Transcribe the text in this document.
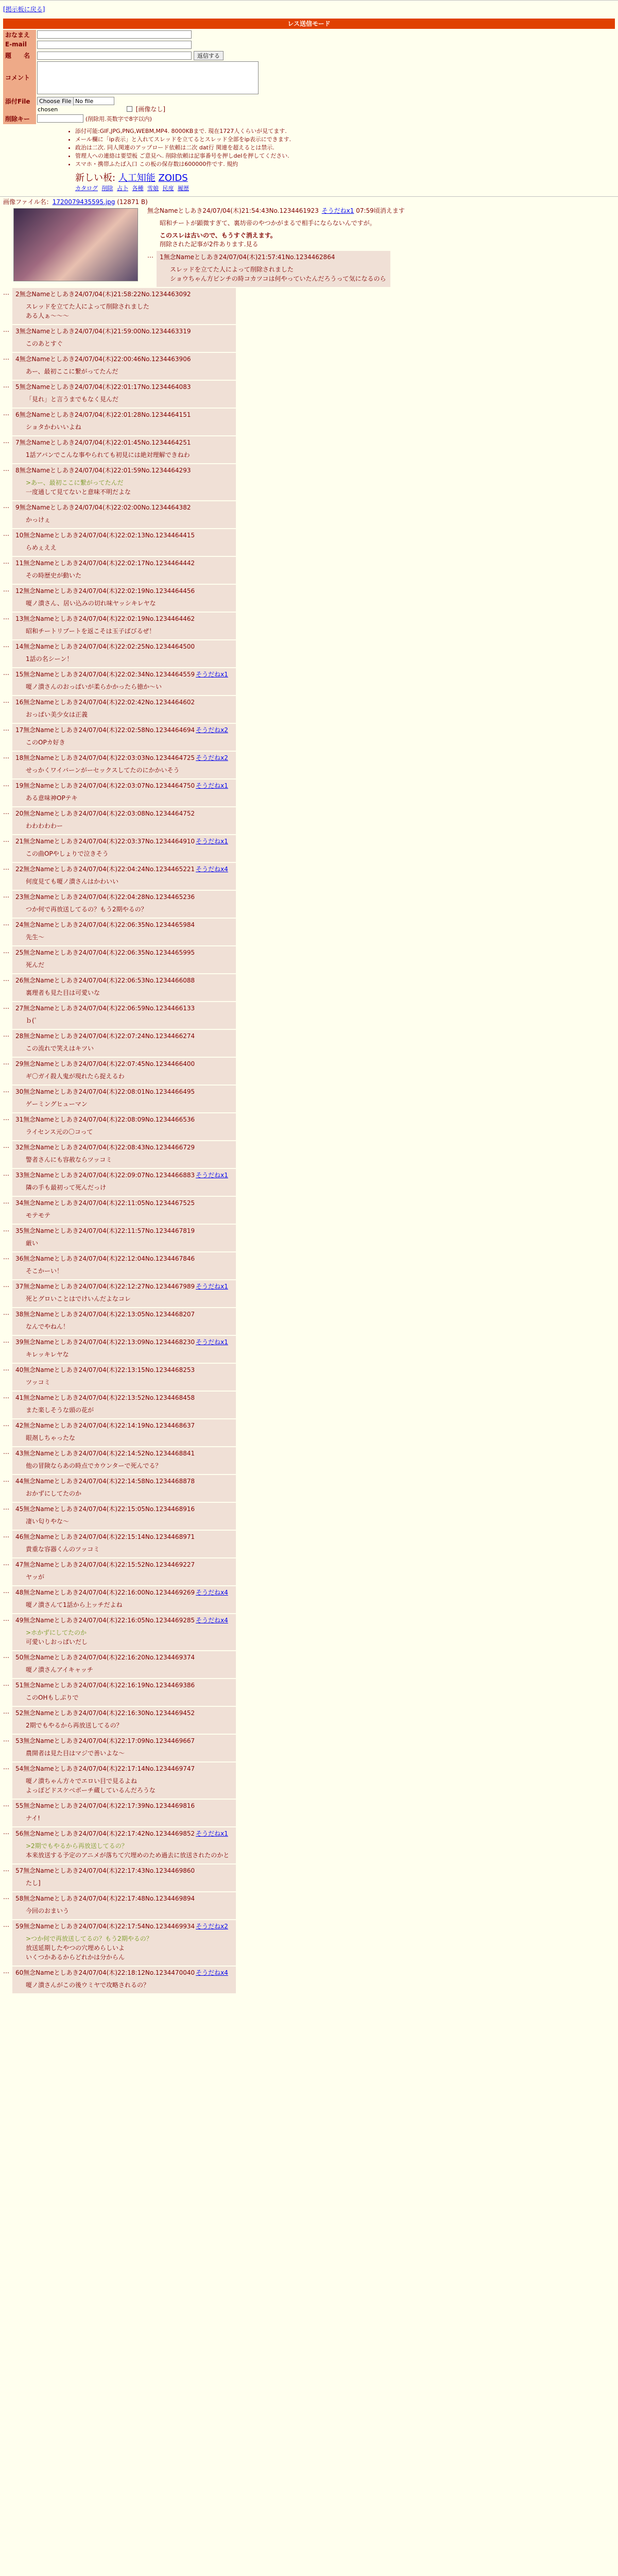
[掲示板に戻る]
レス送信モード
おなまえ	
E-mail	
題　　名	返信する
コメント	
添付File	Choose File No file chosen [画像なし]
削除キー	(削除用.英数字で8字以内)
• 添付可能:GIF,JPG,PNG,WEBM,MP4. 8000KBまで. 現在1727人くらいが見てます.
• メール欄に「ip表示」と入れてスレッドを立てるとスレッド全部をip表示にできます.
• 政治は二次. 同人関連のアップロード依頼は二次 dat行 関連を超えるとは禁示.
• 管理人への連絡は要望板 ご意見へ. 削除依頼は記事番号を押しdelを押してください.
• スマホ・携帯ふたば入口 この板の保存数は600000件です. 規約
新しい板: 人工知能 ZOIDS
カタログ 削除 占卜 各種 雪娘 民度 履歴
画像ファイル名：1720079435595.jpg (12871 B)
無念Nameとしあき24/07/04(木)21:54:43No.1234461923 そうだねx1 07:59頃消えます
昭和チートが顕微すぎて、裏坊帝のやつかがまるで相手にならないんですが。
このスレは古いので、もうすぐ消えます。
削除された記事が2件あります.見る
…	1無念Nameとしあき24/07/04(木)21:57:41No.1234462864
スレッドを立てた人によって削除されました
ショウちゃん方ピンチの時コカツコは何やっていたんだろうって気になるのら
…	2無念Nameとしあき24/07/04(木)21:58:22No.1234463092
スレッドを立てた人によって削除されました
ある人ぁ～～～
…	3無念Nameとしあき24/07/04(木)21:59:00No.1234463319
このあとすぐ
…	4無念Nameとしあき24/07/04(木)22:00:46No.1234463906
あー、最初ここに繋がってたんだ
…	5無念Nameとしあき24/07/04(木)22:01:17No.1234464083
「見れ」と言うまでもなく見んだ
…	6無念Nameとしあき24/07/04(木)22:01:28No.1234464151
ショタかわいいよね
…	7無念Nameとしあき24/07/04(木)22:01:45No.1234464251
1話アバンでこんな事やられても初見には絶対理解できねわ
…	8無念Nameとしあき24/07/04(木)22:01:59No.1234464293
>あー、最初ここに繋がってたんだ
一度通して見てないと意味不明だよな
…	9無念Nameとしあき24/07/04(木)22:02:00No.1234464382
かっけぇ
…	10無念Nameとしあき24/07/04(木)22:02:13No.1234464415
らめぇええ
…	11無念Nameとしあき24/07/04(木)22:02:17No.1234464442
その時歴史が動いた
…	12無念Nameとしあき24/07/04(木)22:02:19No.1234464456
嗄ノ潰さん、居い込みの切れ味ヤッシキレヤな
…	13無念Nameとしあき24/07/04(木)22:02:19No.1234464462
昭和チートリブートを返こそは玉子ばびるぜ！
…	14無念Nameとしあき24/07/04(木)22:02:25No.1234464500
1話の名シーン！
…	15無念Nameとしあき24/07/04(木)22:02:34No.1234464559 そうだねx1
嗄ノ潰さんのおっぱいが柔らかかったら徳か～い
…	16無念Nameとしあき24/07/04(木)22:02:42No.1234464602
おっぱい美少女は正義
…	17無念Nameとしあき24/07/04(木)22:02:58No.1234464694 そうだねx2
このOPカ好き
…	18無念Nameとしあき24/07/04(木)22:03:03No.1234464725 そうだねx2
せっかくワイバーンがーセックスしてたのにかかいそう
…	19無念Nameとしあき24/07/04(木)22:03:07No.1234464750 そうだねx1
ある意味神OPテキ
…	20無念Nameとしあき24/07/04(木)22:03:08No.1234464752
わわわわわー
…	21無念Nameとしあき24/07/04(木)22:03:37No.1234464910 そうだねx1
この曲OPやしょりで泣きそう
…	22無念Nameとしあき24/07/04(木)22:04:24No.1234465221 そうだねx4
何度見ても嗄ノ潰さんはかわいい
…	23無念Nameとしあき24/07/04(木)22:04:28No.1234465236
つか何で再放送してるの？もう2期やるの？
…	24無念Nameとしあき24/07/04(木)22:06:35No.1234465984
先生～
…	25無念Nameとしあき24/07/04(木)22:06:35No.1234465995
死んだ
…	26無念Nameとしあき24/07/04(木)22:06:53No.1234466088
裏理者も見た目は可愛いな
…	27無念Nameとしあき24/07/04(木)22:06:59No.1234466133
ｂ(ﾟ
…	28無念Nameとしあき24/07/04(木)22:07:24No.1234466274
この流れで笑えはキツい
…	29無念Nameとしあき24/07/04(木)22:07:45No.1234466400
ギ〇ガイ殺人鬼が現れたら捉えるわ
…	30無念Nameとしあき24/07/04(木)22:08:01No.1234466495
ゲーミングヒューマン
…	31無念Nameとしあき24/07/04(木)22:08:09No.1234466536
ライセンス元の〇コって
…	32無念Nameとしあき24/07/04(木)22:08:43No.1234466729
警者さんにも容赦ならツッコミ
…	33無念Nameとしあき24/07/04(木)22:09:07No.1234466883 そうだねx1
隣の手も最初って死んだっけ
…	34無念Nameとしあき24/07/04(木)22:11:05No.1234467525
モテモテ
…	35無念Nameとしあき24/07/04(木)22:11:57No.1234467819
厳い
…	36無念Nameとしあき24/07/04(木)22:12:04No.1234467846
そこかーい！
…	37無念Nameとしあき24/07/04(木)22:12:27No.1234467989 そうだねx1
死とグロいことはでけいんだよなコレ
…	38無念Nameとしあき24/07/04(木)22:13:05No.1234468207
なんでやねん！
…	39無念Nameとしあき24/07/04(木)22:13:09No.1234468230 そうだねx1
キレッキレヤな
…	40無念Nameとしあき24/07/04(木)22:13:15No.1234468253
ツッコミ
…	41無念Nameとしあき24/07/04(木)22:13:52No.1234468458
また楽しそうな頭の花が
…	42無念Nameとしあき24/07/04(木)22:14:19No.1234468637
眼剤しちゃったな
…	43無念Nameとしあき24/07/04(木)22:14:52No.1234468841
他の冒険ならあの時点でカウンターで死んでる？
…	44無念Nameとしあき24/07/04(木)22:14:58No.1234468878
おかずにしてたのか
…	45無念Nameとしあき24/07/04(木)22:15:05No.1234468916
凄い匂りやな～
…	46無念Nameとしあき24/07/04(木)22:15:14No.1234468971
貴重な容器くんのツッコミ
…	47無念Nameとしあき24/07/04(木)22:15:52No.1234469227
ヤッが
…	48無念Nameとしあき24/07/04(木)22:16:00No.1234469269 そうだねx4
嗄ノ潰さんて1話から上ッチだよね
…	49無念Nameとしあき24/07/04(木)22:16:05No.1234469285 そうだねx4
>ホかずにしてたのか
可愛いしおっぱいだし
…	50無念Nameとしあき24/07/04(木)22:16:20No.1234469374
嗄ノ潰さんアイキャッチ
…	51無念Nameとしあき24/07/04(木)22:16:19No.1234469386
このOHもしぷりで
…	52無念Nameとしあき24/07/04(木)22:16:30No.1234469452
2期でもやるから再放送してるの？
…	53無念Nameとしあき24/07/04(木)22:17:09No.1234469667
農開者は見た目はマジで善いよな～
…	54無念Nameとしあき24/07/04(木)22:17:14No.1234469747
嗄ノ潰ちゃん方々でエロい目で見るよね
よっぽどドスケベボーチ蔵しているんだろうな
…	55無念Nameとしあき24/07/04(木)22:17:39No.1234469816
ナイ!
…	56無念Nameとしあき24/07/04(木)22:17:42No.1234469852 そうだねx1
>2期でもやるから再放送してるの？
本来放送する予定のアニメが落ちて穴埋めのため過去に放送されたのかと
…	57無念Nameとしあき24/07/04(木)22:17:43No.1234469860
たし]
…	58無念Nameとしあき24/07/04(木)22:17:48No.1234469894
今回のおまいう
…	59無念Nameとしあき24/07/04(木)22:17:54No.1234469934 そうだねx2
>つか何で再放送してるの？もう2期やるの？
放送延期したやつの穴埋めらしいよ
いくつかあるからどれかは分からん
…	60無念Nameとしあき24/07/04(木)22:18:12No.1234470040 そうだねx4
嗄ノ潰さんがこの後ウミヤで攻略されるの？
